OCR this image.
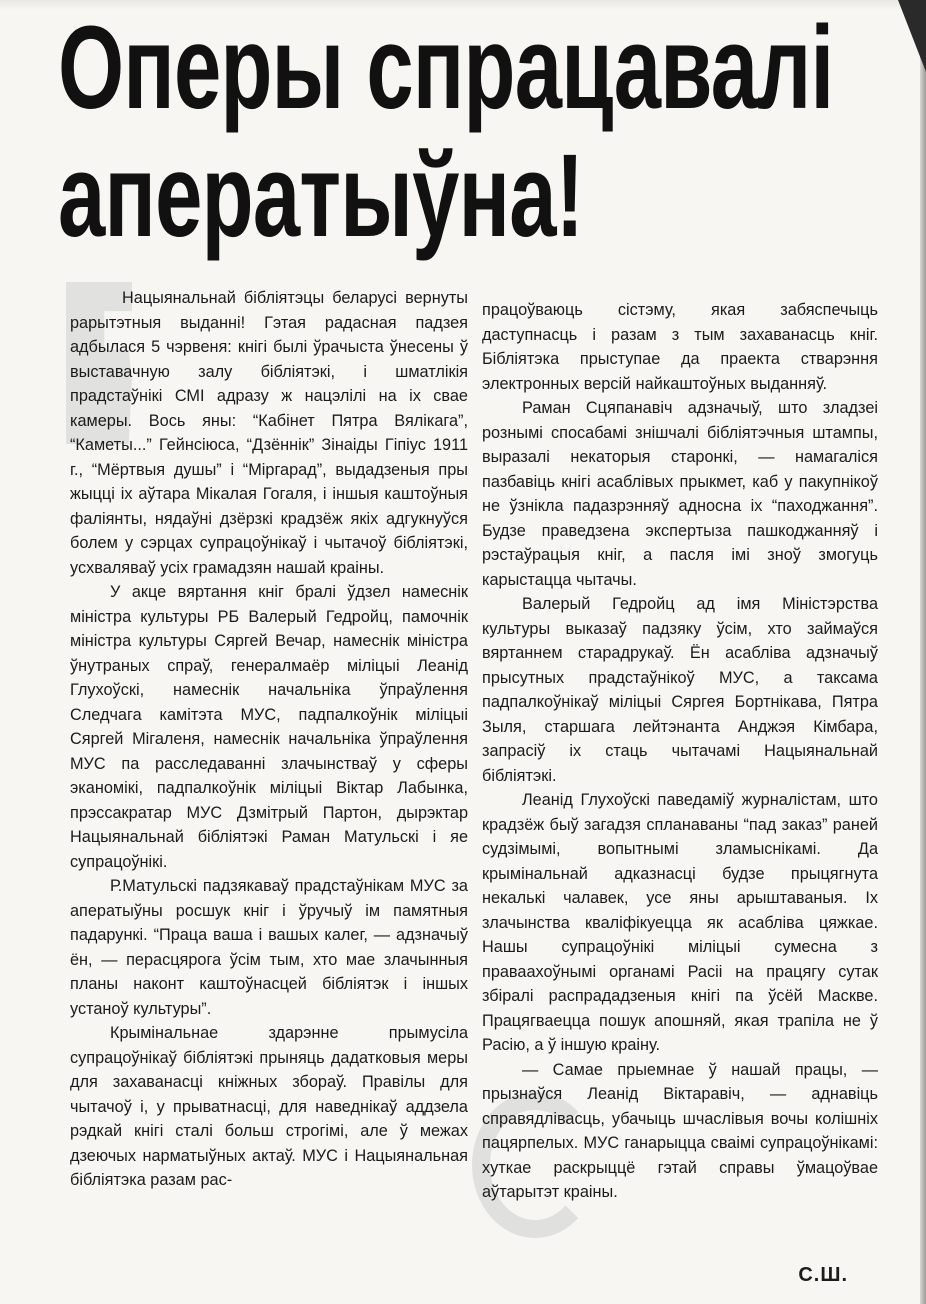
Оперы спрацавалі
аператыўна!

Нацыянальнай бібліятэцы беларусі вернуты рарытэтныя выданні! Гэтая радасная падзея адбылася 5 чэрвеня: кнігі былі ўрачыста ўнесены ў выставачную залу бібліятэкі, і шматлікія прадстаўнікі СМІ адразу ж нацэлілі на іх свае камеры. Вось яны: “Кабінет Пятра Вялікага”, “Каметы...” Гейнсіюса, “Дзённік” Зінаіды Гіпіус 1911 г., “Мёртвыя душы” і “Міргарад”, выдадзеныя пры жыцці іх аўтара Мікалая Гогаля, і іншыя каштоўныя фаліянты, нядаўні дзёрзкі крадзёж якіх адгукнуўся болем у сэрцах супрацоўнікаў і чытачоў бібліятэкі, усхваляваў усіх грамадзян нашай краіны.

У акце вяртання кніг бралі ўдзел намеснік міністра культуры РБ Валерый Гедройц, памочнік міністра культуры Сяргей Вечар, намеснік міністра ўнутраных спраў, генералмаёр міліцыі Леанід Глухоўскі, намеснік начальніка ўпраўлення Следчага камітэта МУС, падпалкоўнік міліцыі Сяргей Мігаленя, намеснік начальніка ўпраўлення МУС па расследаванні злачынстваў у сферы эканомікі, падпалкоўнік міліцыі Віктар Лабынка, прэссакратар МУС Дзмітрый Партон, дырэктар Нацыянальнай бібліятэкі Раман Матульскі і яе супрацоўнікі.

Р.Матульскі падзякаваў прадстаўнікам МУС за аператыўны росшук кніг і ўручыў ім памятныя падарункі. “Праца ваша і вашых калег, — адзначыў ён, — перасцярога ўсім тым, хто мае злачынныя планы наконт каштоўнасцей бібліятэк і іншых устаноў культуры”.

Крымінальнае здарэнне прымусіла супрацоўнікаў бібліятэкі прыняць дадатковыя меры для захаванасці кніжных збораў. Правілы для чытачоў і, у прыватнасці, для наведнікаў аддзела рэдкай кнігі сталі больш строгімі, але ў межах дзеючых нарматыўных актаў. МУС і Нацыянальная бібліятэка разам рас-

працоўваюць сістэму, якая забяспечыць даступнасць і разам з тым захаванасць кніг. Бібліятэка прыступае да праекта стварэння электронных версій найкаштоўных выданняў.

Раман Сцяпанавіч адзначыў, што зладзеі рознымі спосабамі знішчалі бібліятэчныя штампы, выразалі некаторыя старонкі, — намагаліся пазбавіць кнігі асаблівых прыкмет, каб у пакупнікоў не ўзнікла падазрэнняў адносна іх “паходжання”. Будзе праведзена экспертыза пашкоджанняў і рэстаўрацыя кніг, а пасля імі зноў змогуць карыстацца чытачы.

Валерый Гедройц ад імя Міністэрства культуры выказаў падзяку ўсім, хто займаўся вяртаннем старадрукаў. Ён асабліва адзначыў прысутных прадстаўнікоў МУС, а таксама падпалкоўнікаў міліцыі Сяргея Бортнікава, Пятра Зыля, старшага лейтэнанта Анджэя Кімбара, запрасіў іх стаць чытачамі Нацыянальнай бібліятэкі.

Леанід Глухоўскі паведаміў журналістам, што крадзёж быў загадзя спланаваны “пад заказ” раней судзімымі, вопытнымі зламыснікамі. Да крымінальнай адказнасці будзе прыцягнута некалькі чалавек, усе яны арыштаваныя. Іх злачынства кваліфікуецца як асабліва цяжкае. Нашы супрацоўнікі міліцыі сумесна з праваахоўнымі органамі Расіі на працягу сутак збіралі распрададзеныя кнігі па ўсёй Маскве. Працягваецца пошук апошняй, якая трапіла не ў Расію, а ў іншую краіну.

— Самае прыемнае ў нашай працы, — прызнаўся Леанід Віктаравіч, — аднавіць справядлівасць, убачыць шчаслівыя вочы колішніх пацярпелых. МУС ганарыцца сваімі супрацоўнікамі: хуткае раскрыццё гэтай справы ўмацоўвае аўтарытэт краіны.

С.Ш.
